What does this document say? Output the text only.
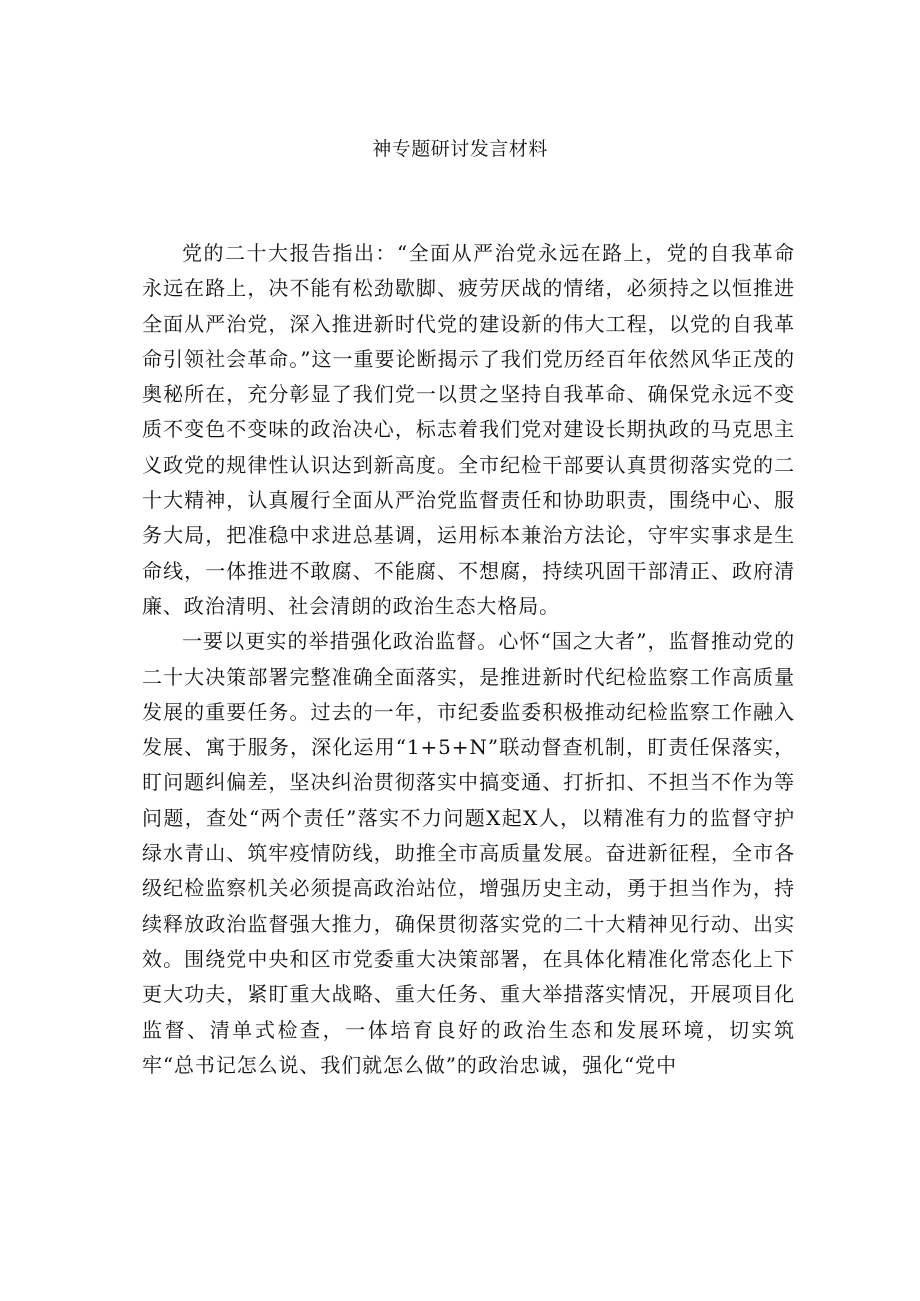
神专题研讨发言材料

党的二十大报告指出：“全面从严治党永远在路上，党的自我革命永远在路上，决不能有松劲歇脚、疲劳厌战的情绪，必须持之以恒推进全面从严治党，深入推进新时代党的建设新的伟大工程，以党的自我革命引领社会革命。”这一重要论断揭示了我们党历经百年依然风华正茂的奥秘所在，充分彰显了我们党一以贯之坚持自我革命、确保党永远不变质不变色不变味的政治决心，标志着我们党对建设长期执政的马克思主义政党的规律性认识达到新高度。全市纪检干部要认真贯彻落实党的二十大精神，认真履行全面从严治党监督责任和协助职责，围绕中心、服务大局，把准稳中求进总基调，运用标本兼治方法论，守牢实事求是生命线，一体推进不敢腐、不能腐、不想腐，持续巩固干部清正、政府清廉、政治清明、社会清朗的政治生态大格局。

一要以更实的举措强化政治监督。心怀“国之大者”，监督推动党的二十大决策部署完整准确全面落实，是推进新时代纪检监察工作高质量发展的重要任务。过去的一年，市纪委监委积极推动纪检监察工作融入发展、寓于服务，深化运用“1+5+N”联动督查机制，盯责任保落实，盯问题纠偏差，坚决纠治贯彻落实中搞变通、打折扣、不担当不作为等问题，查处“两个责任”落实不力问题X起X人，以精准有力的监督守护绿水青山、筑牢疫情防线，助推全市高质量发展。奋进新征程，全市各级纪检监察机关必须提高政治站位，增强历史主动，勇于担当作为，持续释放政治监督强大推力，确保贯彻落实党的二十大精神见行动、出实效。围绕党中央和区市党委重大决策部署，在具体化精准化常态化上下更大功夫，紧盯重大战略、重大任务、重大举措落实情况，开展项目化监督、清单式检查，一体培育良好的政治生态和发展环境，切实筑牢“总书记怎么说、我们就怎么做”的政治忠诚，强化“党中
